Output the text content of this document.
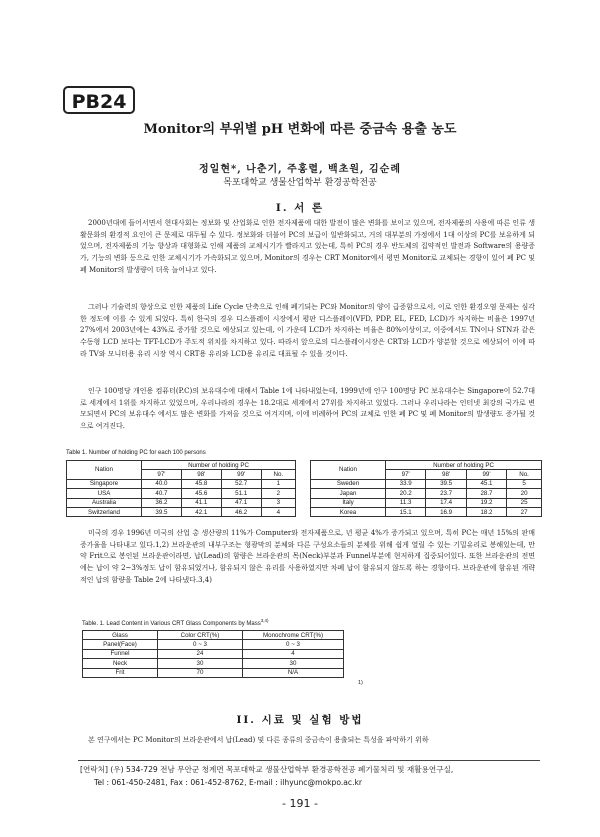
PB24
Monitor의 부위별 pH 변화에 따른 중금속 용출 농도
정일현*, 나춘기, 주홍렬, 백초원, 김순례
목포대학교 생물산업학부 환경공학전공
I. 서 론
2000년대에 들어서면서 현대사회는 정보화 및 산업화로 인한 전자제품에 대한 발전이 많은 변화를 보이고 있으며, 전자제품의 사용에 따른 인류 생활문화의 환경적 요인이 큰 문제로 대두될 수 있다. 정보화와 더불어 PC의 보급이 일반화되고, 거의 대부분의 가정에서 1대 이상의 PC를 보유하게 되었으며, 전자제품의 기능 향상과 대형화로 인해 제품의 교체시기가 빨라지고 있는데, 특히 PC의 경우 반도체의 집약적인 발전과 Software의 용량증가, 기능의 변화 등으로 인한 교체시기가 가속화되고 있으며, Monitor의 경우는 CRT Monitor에서 평면 Monitor로 교체되는 경향이 있어 폐 PC 및 폐 Monitor의 발생량이 더욱 늘어나고 있다.
그러나 기술력의 향상으로 인한 제품의 Life Cycle 단축으로 인해 폐기되는 PC와 Monitor의 양이 급증함으로서, 이로 인한 환경오염 문제는 심각한 정도에 이를 수 있게 되었다. 특히 한국의 경우 디스플레이 시장에서 평판 디스플레이(VFD, PDP, EL, FED, LCD)가 차지하는 비율은 1997년 27%에서 2003년에는 43%로 증가할 것으로 예상되고 있는데, 이 가운데 LCD가 차지하는 비율은 80%이상이고, 이중에서도 TN이나 STN과 같은 수동형 LCD 보다는 TFT-LCD가 주도적 위치를 차지하고 있다. 따라서 앞으로의 디스플레이시장은 CRT와 LCD가 양분할 것으로 예상되어 이에 따라 TV와 모니터용 유리 시장 역시 CRT용 유리와 LCD용 유리로 대표될 수 있을 것이다.
인구 100명당 개인용 컴퓨터(P.C)의 보유대수에 대해서 Table 1에 나타내었는데, 1999년에 인구 100명당 PC 보유대수는 Singapore이 52.7대로 세계에서 1위를 차지하고 있었으며, 우리나라의 경우는 18.2대로 세계에서 27위를 차지하고 있었다. 그러나 우리나라는 인터넷 최강의 국가로 변모되면서 PC의 보유대수 에서도 많은 변화를 가져올 것으로 여겨지며, 이에 비례하여 PC의 교체로 인한 폐 PC 및 폐 Monitor의 발생량도 증가될 것으로 여겨진다.
Table 1. Number of holding PC for each 100 persons
Nation	Number of holding PC			
	97'	98'	99'	No.
Singapore	40.0	45.8	52.7	1
USA	40.7	45.6	51.1	2
Australia	36.2	41.1	47.1	3
Switzerland	39.5	42.1	46.2	4
Nation	Number of holding PC			
	97'	98'	99'	No.
Sweden	33.9	39.5	45.1	5
Japan	20.2	23.7	28.7	20
Italy	11.3	17.4	19.2	25
Korea	15.1	16.9	18.2	27
미국의 경우 1996년 미국의 산업 총 생산량의 11%가 Computer와 전자제품으로, 년 평균 4%가 증가되고 있으며, 특히 PC는 매년 15%의 판매 증가율을 나타내고 있다.1,2) 브라운관의 내부구조는 형광막의 분체와 다른 구성요소들의 분체를 위해 쉽게 열릴 수 있는 기밀유리로 봉해있는데, 만약 Frit으로 봉인된 브라운관이라면, 납(Lead)의 함량은 브라운관의 목(Neck)부분과 Funnel부분에 현저하게 집중되어있다. 또한 브라운관의 전면에는 납이 약 2~3%정도 납이 함유되었거나, 함유되지 않은 유리를 사용하였지만 차폐 납이 함유되지 않도록 하는 경향이다. 브라운관에 함유된 개략적인 납의 함량을 Table 2에 나타냈다.3,4)
Table. 1. Lead Content in Various CRT Glass Components by Mass$^{3,4)}$
Glass	Color CRT(%)	Monochrome CRT(%)
Panel(Face)	0 ~ 3	0 ~ 3
Funnel	24	4
Neck	30	30
Frit	70	N/A
1)
II. 시료 및 실험 방법
본 연구에서는 PC Monitor의 브라운관에서 납(Lead) 및 다른 종류의 중금속이 용출되는 특성을 파악하기 위하
[연락처] (우) 534-729 전남 무안군 청계면 목포대학교 생물산업학부 환경공학전공 폐기물처리 및 재활용연구실,
Tel : 061-450-2481, Fax : 061-452-8762, E-mail : ilhyunc@mokpo.ac.kr
- 191 -
